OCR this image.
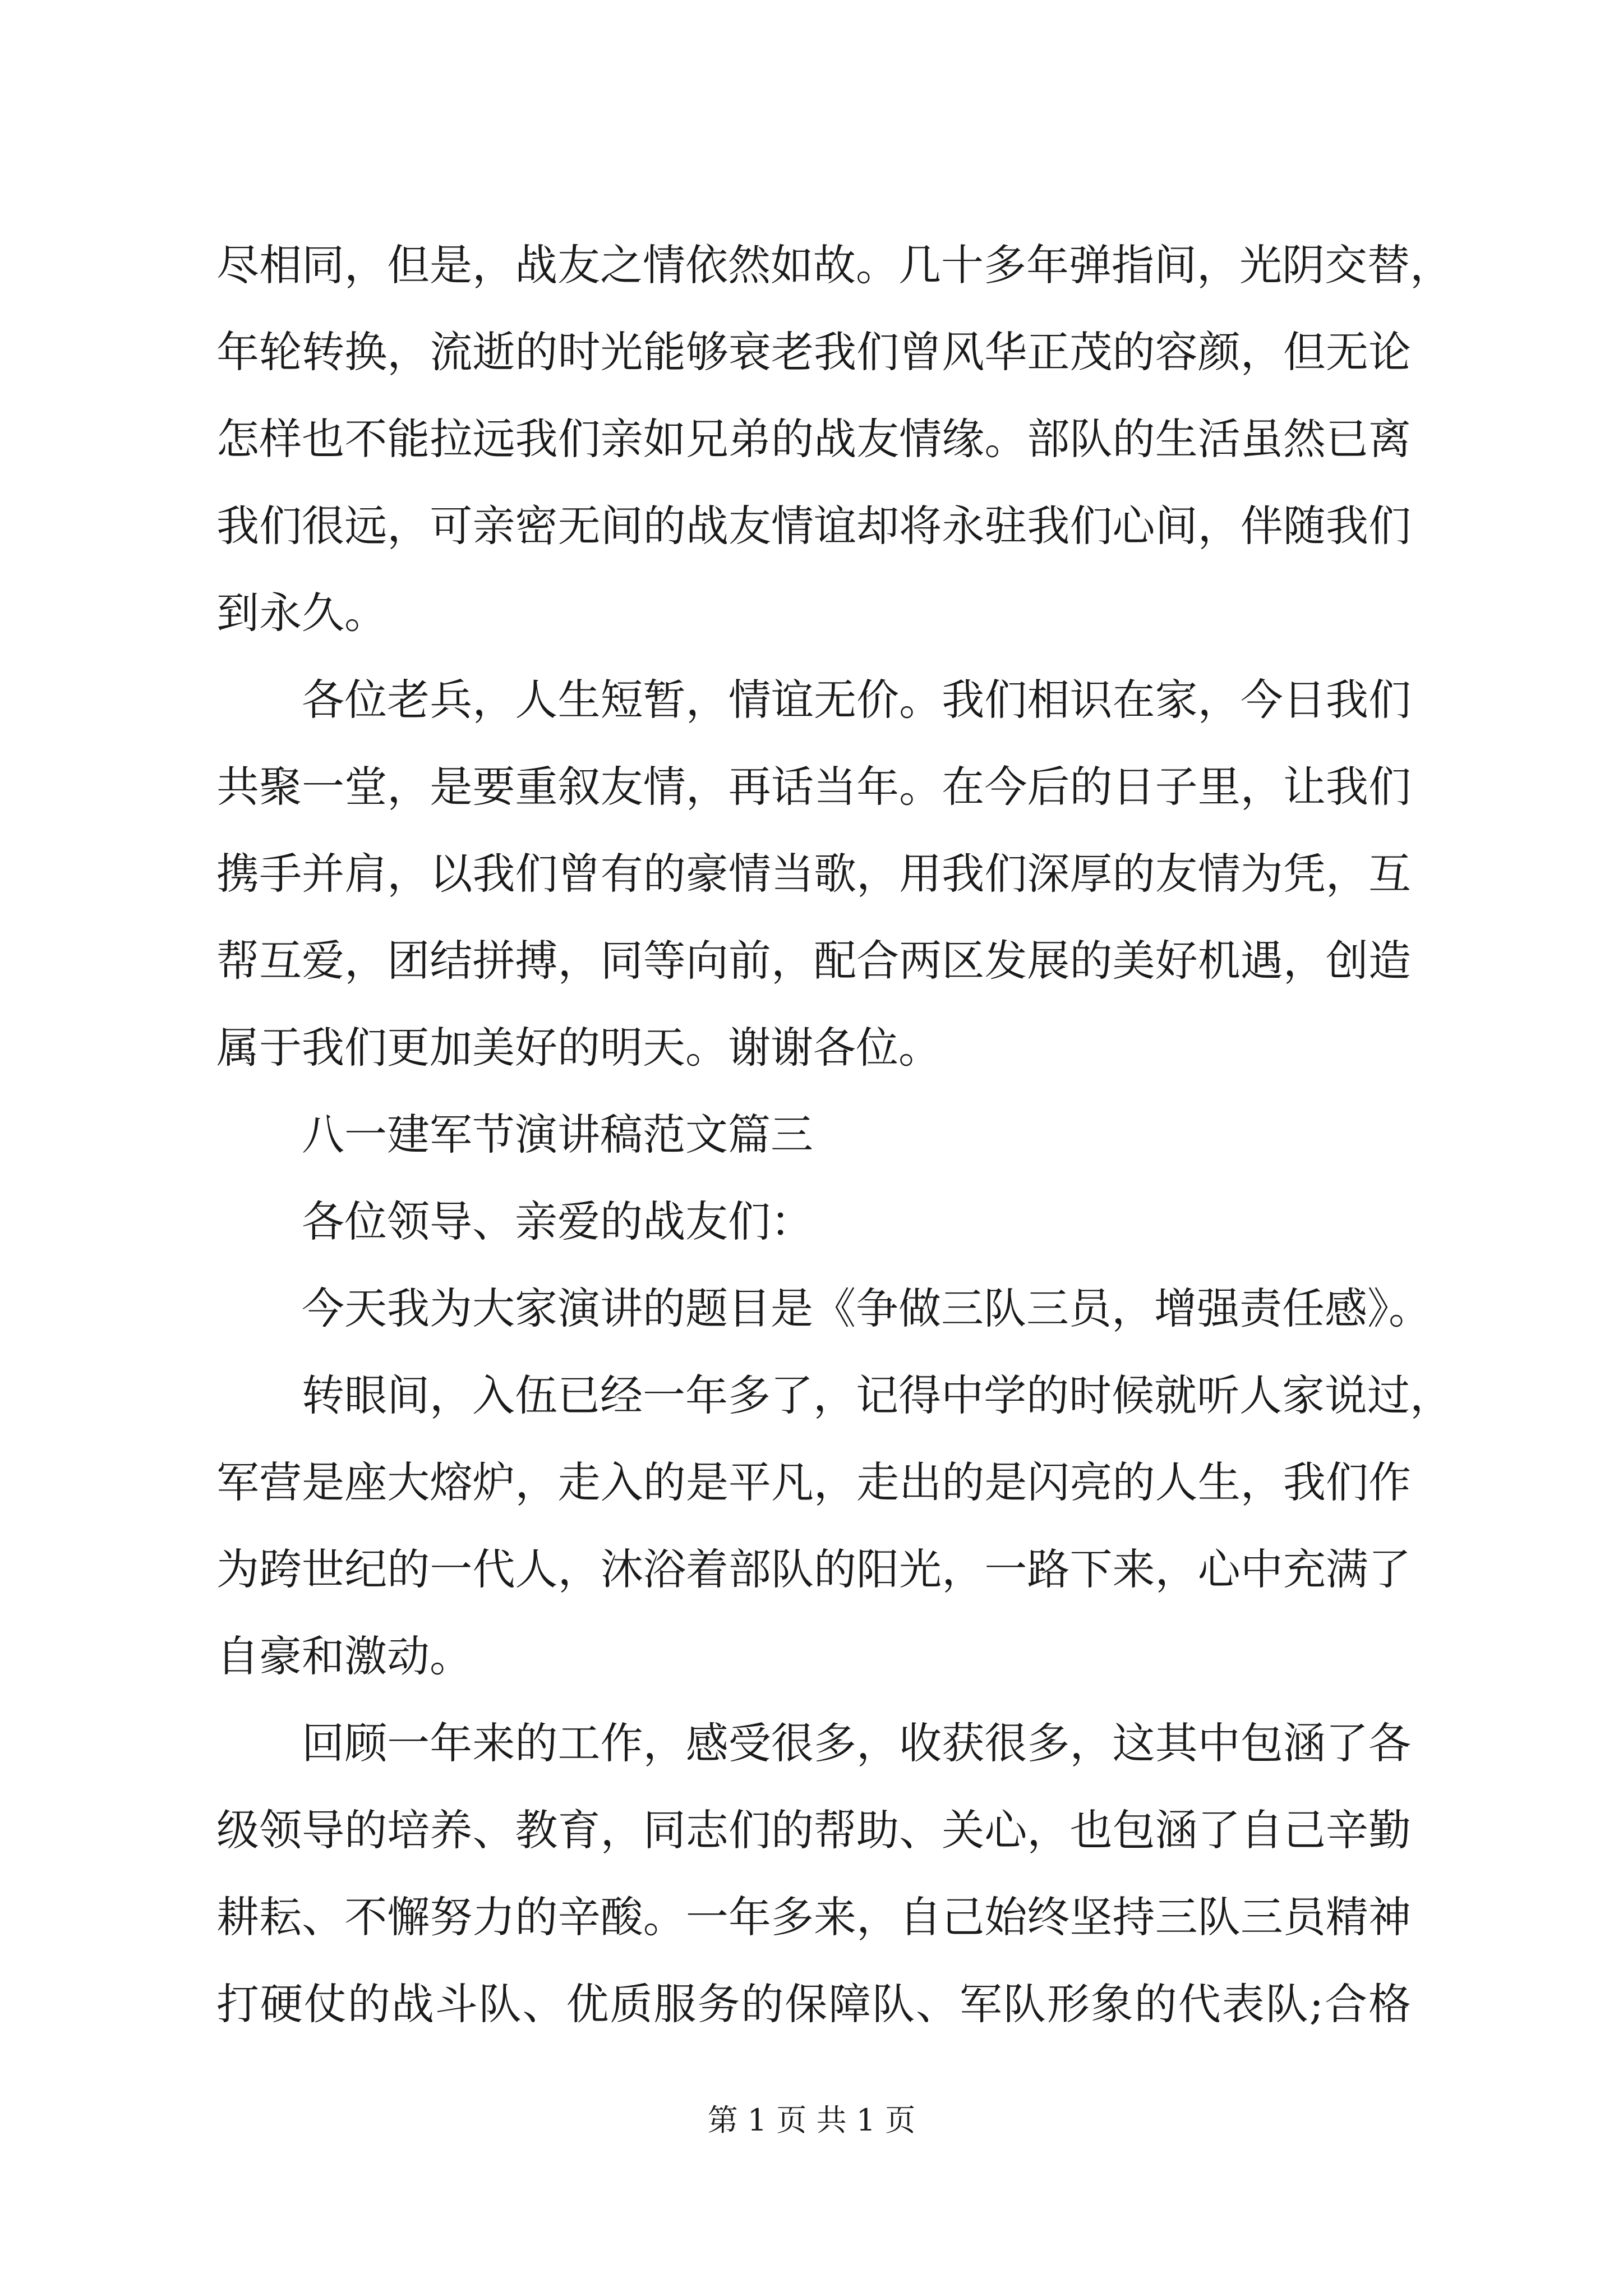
尽相同，但是，战友之情依然如故。几十多年弹指间，光阴交替，
年轮转换，流逝的时光能够衰老我们曾风华正茂的容颜，但无论
怎样也不能拉远我们亲如兄弟的战友情缘。部队的生活虽然已离
我们很远，可亲密无间的战友情谊却将永驻我们心间，伴随我们
到永久。
各位老兵，人生短暂，情谊无价。我们相识在家，今日我们
共聚一堂，是要重叙友情，再话当年。在今后的日子里，让我们
携手并肩，以我们曾有的豪情当歌，用我们深厚的友情为凭，互
帮互爱，团结拼搏，同等向前，配合两区发展的美好机遇，创造
属于我们更加美好的明天。谢谢各位。
八一建军节演讲稿范文篇三
各位领导、亲爱的战友们：
今天我为大家演讲的题目是《争做三队三员，增强责任感》。
转眼间，入伍已经一年多了，记得中学的时候就听人家说过，
军营是座大熔炉，走入的是平凡，走出的是闪亮的人生，我们作
为跨世纪的一代人，沐浴着部队的阳光，一路下来，心中充满了
自豪和激动。
回顾一年来的工作，感受很多，收获很多，这其中包涵了各
级领导的培养、教育，同志们的帮助、关心，也包涵了自己辛勤
耕耘、不懈努力的辛酸。一年多来，自己始终坚持三队三员精神
打硬仗的战斗队、优质服务的保障队、军队形象的代表队;合格
第 1 页 共 1 页
